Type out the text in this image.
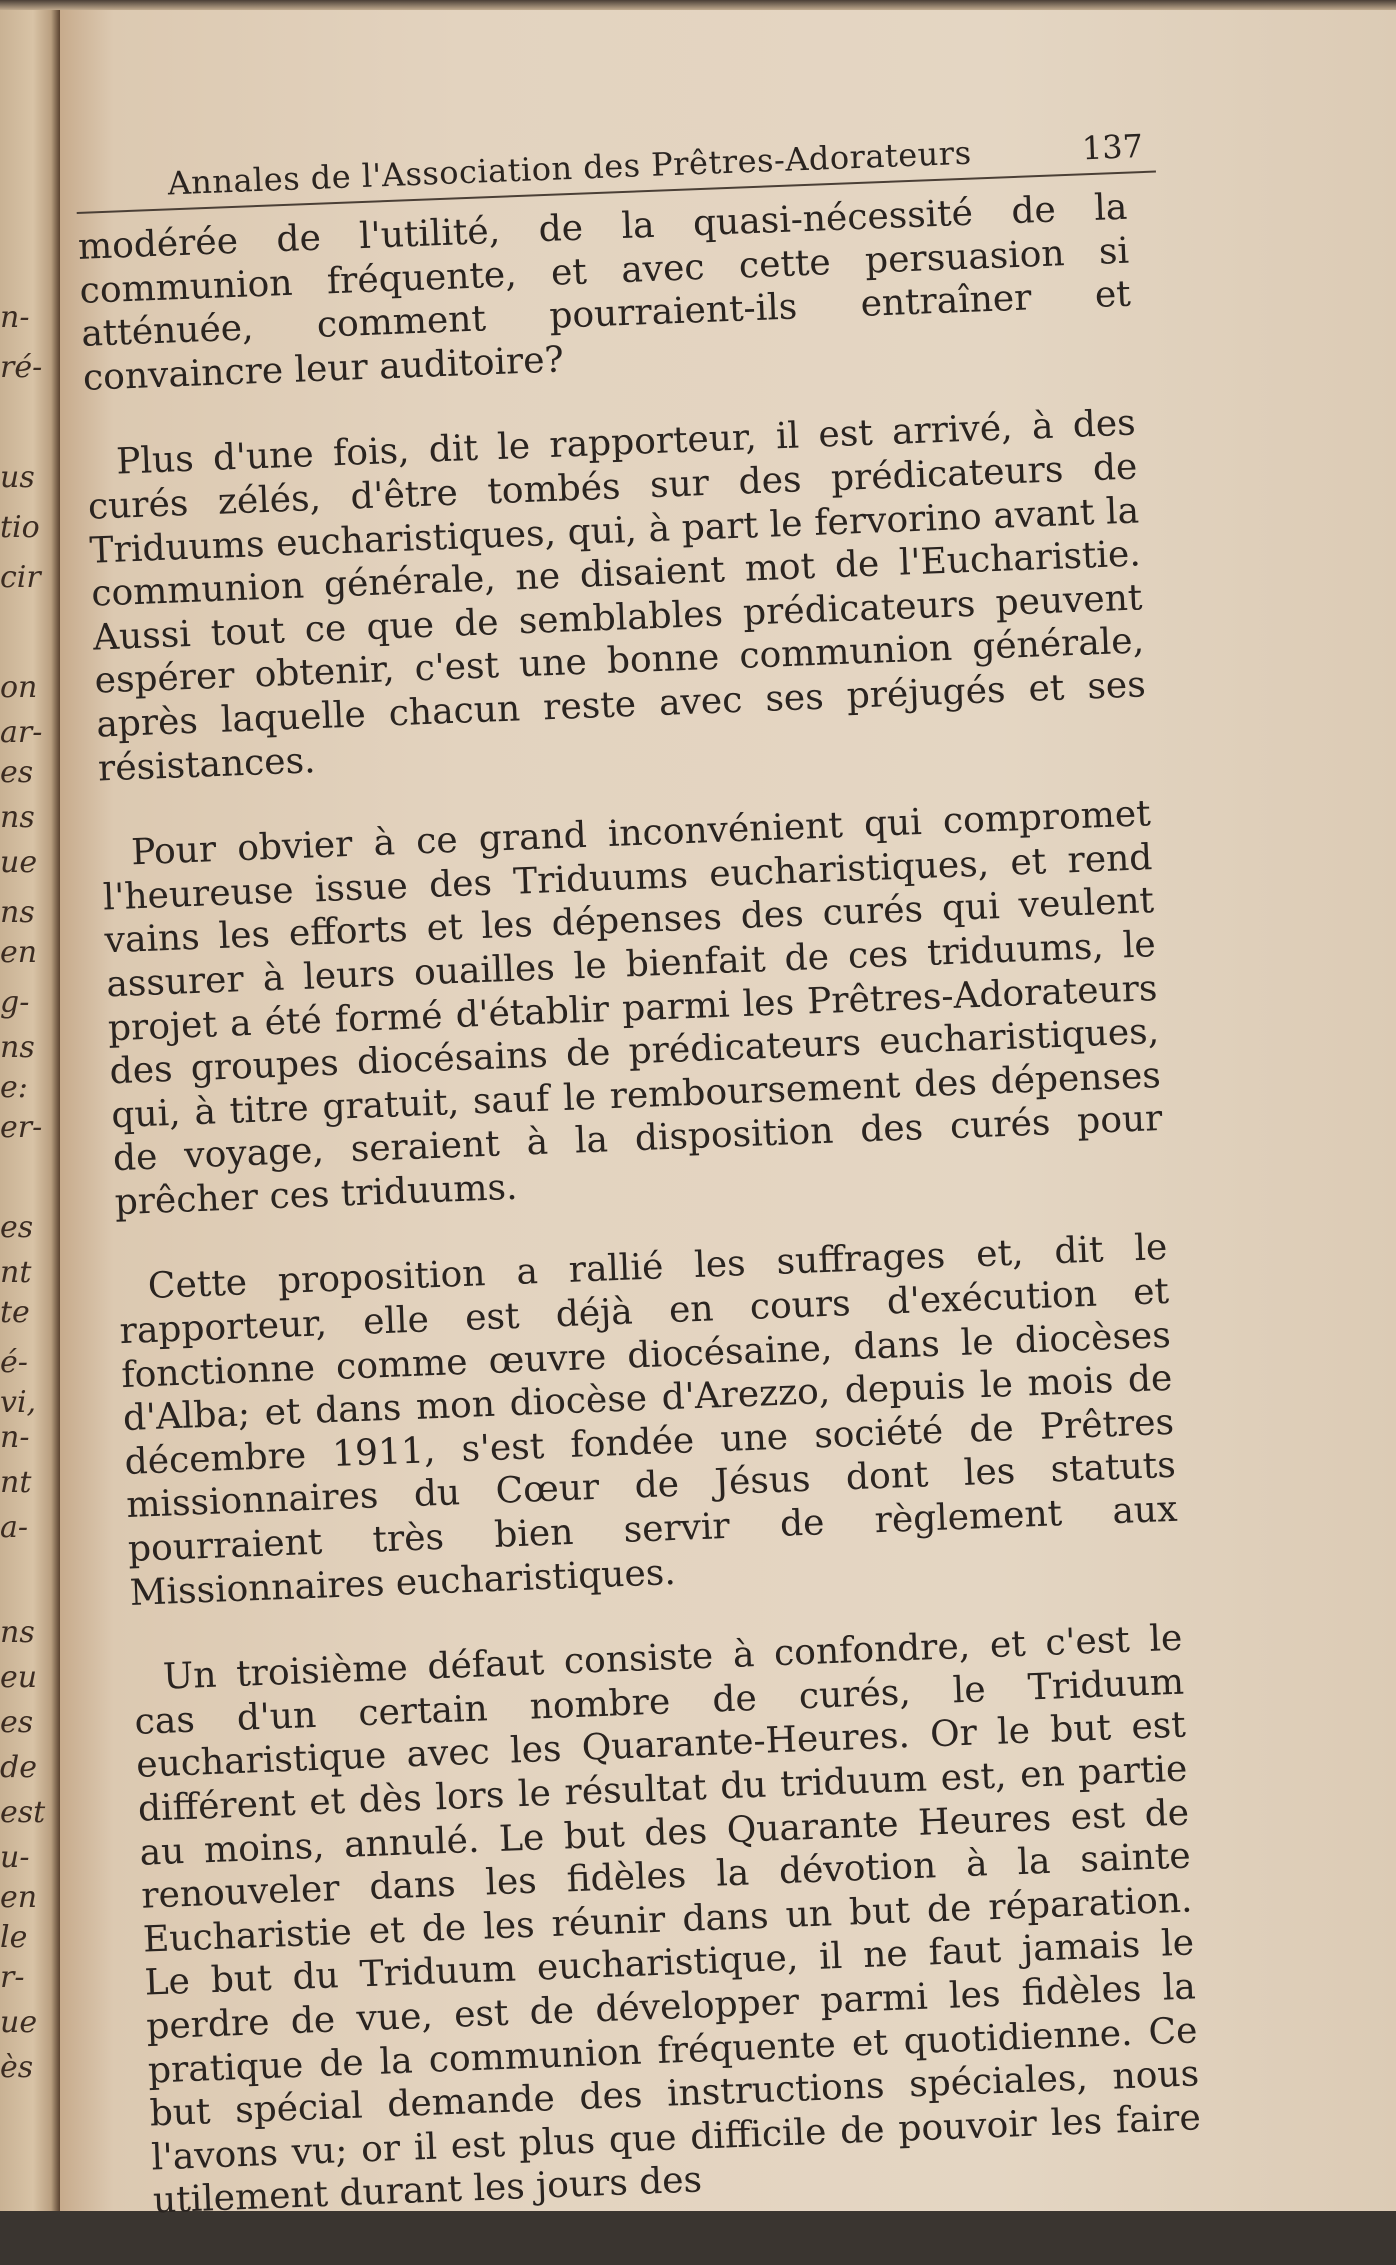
n-
ré-
us
tio
cir
on
ar-
es
ns
ue
ns
en
g-
ns
e:
er-
es
nt
te
é-
vi,
n-
nt
a-
ns
eu
es
de
est
u-
en
le
r-
ue
ès
Annales de l'Association des Prêtres-Adorateurs	137

modérée de l'utilité, de la quasi-nécessité de la communion fréquente, et avec cette persuasion si atténuée, comment pourraient-ils entraîner et convaincre leur auditoire?

Plus d'une fois, dit le rapporteur, il est arrivé, à des curés zélés, d'être tombés sur des prédicateurs de Triduums eucharistiques, qui, à part le fervorino avant la communion générale, ne disaient mot de l'Eucharistie. Aussi tout ce que de semblables prédicateurs peuvent espérer obtenir, c'est une bonne communion générale, après laquelle chacun reste avec ses préjugés et ses résistances.

Pour obvier à ce grand inconvénient qui compromet l'heureuse issue des Triduums eucharistiques, et rend vains les efforts et les dépenses des curés qui veulent assurer à leurs ouailles le bienfait de ces triduums, le projet a été formé d'établir parmi les Prêtres-Adorateurs des groupes diocésains de prédicateurs eucharistiques, qui, à titre gratuit, sauf le remboursement des dépenses de voyage, seraient à la disposition des curés pour prêcher ces triduums.

Cette proposition a rallié les suffrages et, dit le rapporteur, elle est déjà en cours d'exécution et fonctionne comme œuvre diocésaine, dans le diocèses d'Alba; et dans mon diocèse d'Arezzo, depuis le mois de décembre 1911, s'est fondée une société de Prêtres missionnaires du Cœur de Jésus dont les statuts pourraient très bien servir de règlement aux Missionnaires eucharistiques.

Un troisième défaut consiste à confondre, et c'est le cas d'un certain nombre de curés, le Triduum eucharistique avec les Quarante-Heures. Or le but est différent et dès lors le résultat du triduum est, en partie au moins, annulé. Le but des Quarante Heures est de renouveler dans les fidèles la dévotion à la sainte Eucharistie et de les réunir dans un but de réparation. Le but du Triduum eucharistique, il ne faut jamais le perdre de vue, est de développer parmi les fidèles la pratique de la communion fréquente et quotidienne. Ce but spécial demande des instructions spéciales, nous l'avons vu; or il est plus que difficile de pouvoir les faire utilement durant les jours des
